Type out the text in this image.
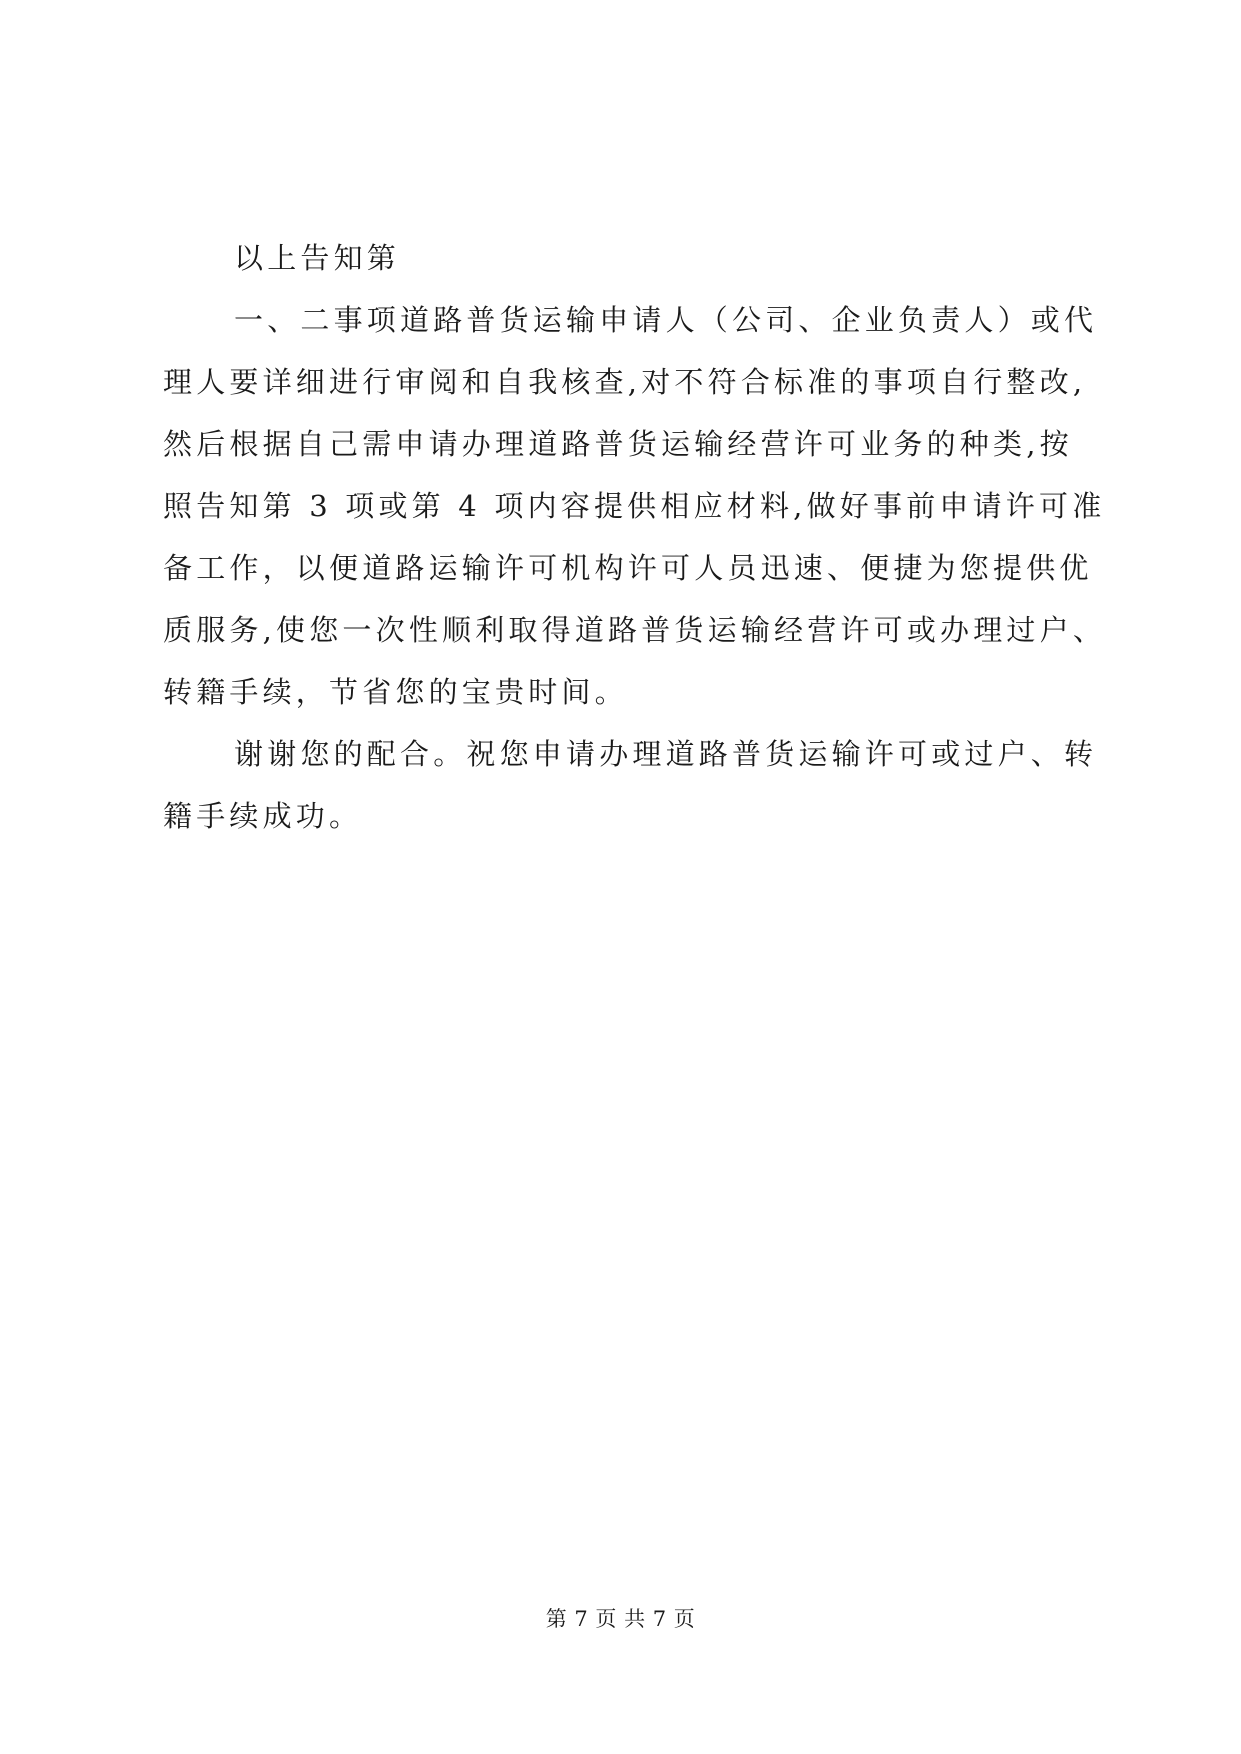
以上告知第
一、二事项道路普货运输申请人（公司、企业负责人）或代
理人要详细进行审阅和自我核查,对不符合标准的事项自行整改,
然后根据自己需申请办理道路普货运输经营许可业务的种类,按
照告知第 3 项或第 4 项内容提供相应材料,做好事前申请许可准
备工作，以便道路运输许可机构许可人员迅速、便捷为您提供优
质服务,使您一次性顺利取得道路普货运输经营许可或办理过户、
转籍手续，节省您的宝贵时间。
谢谢您的配合。祝您申请办理道路普货运输许可或过户、转
籍手续成功。
第 7 页 共 7 页
